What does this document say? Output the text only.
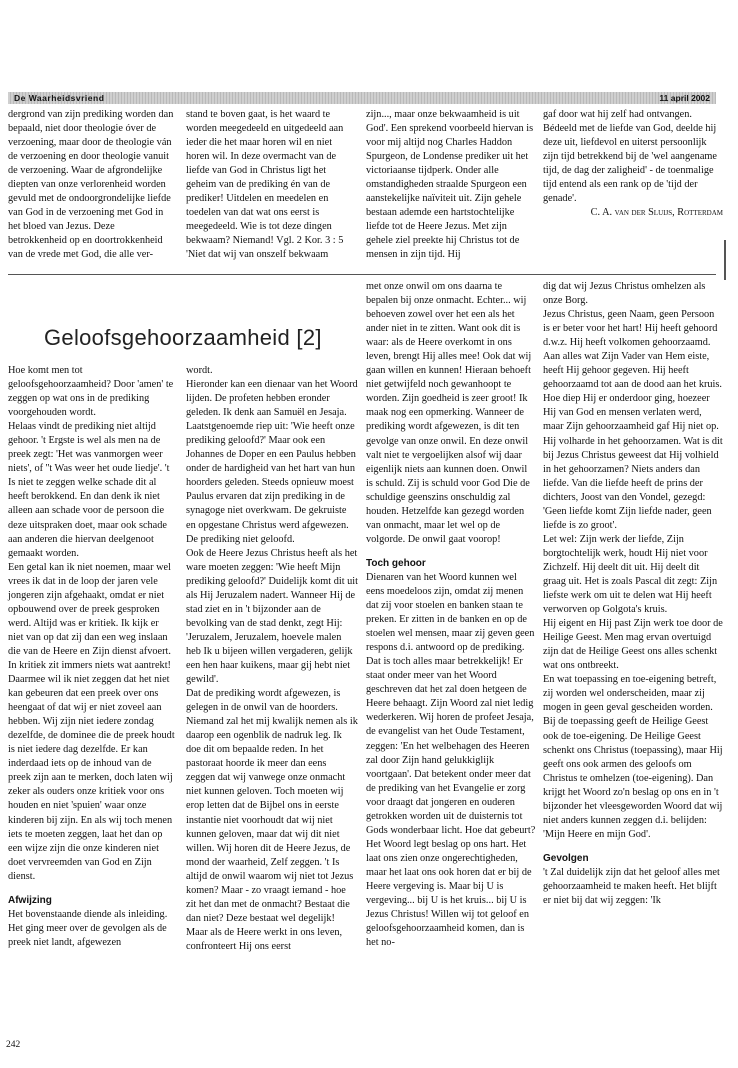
De Waarheidsvriend	11 april 2002

dergrond van zijn prediking worden dan bepaald, niet door theologie óver de verzoening, maar door de theologie ván de verzoening en door theologie vanuit de verzoening. Waar de afgrondelijke diepten van onze verlorenheid worden gevuld met de ondoorgrondelijke liefde van God in de verzoening met God in het bloed van Jezus. Deze betrokkenheid op en doortrokkenheid van de vrede met God, die alle ver-

stand te boven gaat, is het waard te worden meegedeeld en uitgedeeld aan ieder die het maar horen wil en niet horen wil. In deze overmacht van de liefde van God in Christus ligt het geheim van de prediking én van de prediker! Uitdelen en meedelen en toedelen van dat wat ons eerst is meegedeeld. Wie is tot deze dingen bekwaam? Niemand! Vgl. 2 Kor. 3 : 5 'Niet dat wij van onszelf bekwaam

zijn..., maar onze bekwaamheid is uit God'. Een sprekend voorbeeld hiervan is voor mij altijd nog Charles Haddon Spurgeon, de Londense prediker uit het victoriaanse tijdperk. Onder alle omstandigheden straalde Spurgeon een aanstekelijke naïviteit uit. Zijn gehele bestaan ademde een hartstochtelijke liefde tot de Heere Jezus. Met zijn gehele ziel preekte hij Christus tot de mensen in zijn tijd. Hij

gaf door wat hij zelf had ontvangen. Bédeeld met de liefde van God, deelde hij deze uit, liefdevol en uiterst persoonlijk zijn tijd betrekkend bij de 'wel aangename tijd, de dag der zaligheid' - de toenmalige tijd entend als een rank op de 'tijd der genade'.

C. A. van der Sluijs, Rotterdam

Geloofsgehoorzaamheid [2]

Hoe komt men tot geloofsgehoorzaamheid? Door 'amen' te zeggen op wat ons in de prediking voorgehouden wordt.

Helaas vindt de prediking niet altijd gehoor. 't Ergste is wel als men na de preek zegt: 'Het was vanmorgen weer niets', of ''t Was weer het oude liedje'. 't Is niet te zeggen welke schade dit al heeft berokkend. En dan denk ik niet alleen aan schade voor de persoon die deze uitspraken doet, maar ook schade aan anderen die hiervan deelgenoot gemaakt worden.

Een getal kan ik niet noemen, maar wel vrees ik dat in de loop der jaren vele jongeren zijn afgehaakt, omdat er niet opbouwend over de preek gesproken werd. Altijd was er kritiek. Ik kijk er niet van op dat zij dan een weg inslaan die van de Heere en Zijn dienst afvoert. In kritiek zit immers niets wat aantrekt!

Daarmee wil ik niet zeggen dat het niet kan gebeuren dat een preek over ons heengaat of dat wij er niet zoveel aan hebben. Wij zijn niet iedere zondag dezelfde, de dominee die de preek houdt is niet iedere dag dezelfde. Er kan inderdaad iets op de inhoud van de preek zijn aan te merken, doch laten wij zeker als ouders onze kritiek voor ons houden en niet 'spuien' waar onze kinderen bij zijn. En als wij toch menen iets te moeten zeggen, laat het dan op een wijze zijn die onze kinderen niet doet vervreemden van God en Zijn dienst.

Afwijzing

Het bovenstaande diende als inleiding. Het ging meer over de gevolgen als de preek niet landt, afgewezen

wordt.

Hieronder kan een dienaar van het Woord lijden. De profeten hebben eronder geleden. Ik denk aan Samuël en Jesaja. Laatstgenoemde riep uit: 'Wie heeft onze prediking geloofd?' Maar ook een Johannes de Doper en een Paulus hebben onder de hardigheid van het hart van hun hoorders geleden. Steeds opnieuw moest Paulus ervaren dat zijn prediking in de synagoge niet overkwam. De gekruiste en opgestane Christus werd afgewezen. De prediking niet geloofd.

Ook de Heere Jezus Christus heeft als het ware moeten zeggen: 'Wie heeft Mijn prediking geloofd?' Duidelijk komt dit uit als Hij Jeruzalem nadert. Wanneer Hij de stad ziet en in 't bijzonder aan de bevolking van de stad denkt, zegt Hij: 'Jeruzalem, Jeruzalem, hoevele malen heb Ik u bijeen willen vergaderen, gelijk een hen haar kuikens, maar gij hebt niet gewild'.

Dat de prediking wordt afgewezen, is gelegen in de onwil van de hoorders. Niemand zal het mij kwalijk nemen als ik daarop een ogenblik de nadruk leg. Ik doe dit om bepaalde reden. In het pastoraat hoorde ik meer dan eens zeggen dat wij vanwege onze onmacht niet kunnen geloven. Toch moeten wij erop letten dat de Bijbel ons in eerste instantie niet voorhoudt dat wij niet kunnen geloven, maar dat wij dit niet willen. Wij horen dit de Heere Jezus, de mond der waarheid, Zelf zeggen. 't Is altijd de onwil waarom wij niet tot Jezus komen? Maar - zo vraagt iemand - hoe zit het dan met de onmacht? Bestaat die dan niet? Deze bestaat wel degelijk! Maar als de Heere werkt in ons leven, confronteert Hij ons eerst

met onze onwil om ons daarna te bepalen bij onze onmacht. Echter... wij behoeven zowel over het een als het ander niet in te zitten. Want ook dit is waar: als de Heere overkomt in ons leven, brengt Hij alles mee! Ook dat wij gaan willen en kunnen! Hieraan behoeft niet getwijfeld noch gewanhoopt te worden. Zijn goedheid is zeer groot! Ik maak nog een opmerking. Wanneer de prediking wordt afgewezen, is dit ten gevolge van onze onwil. En deze onwil valt niet te vergoelijken alsof wij daar eigenlijk niets aan kunnen doen. Onwil is schuld. Zij is schuld voor God Die de schuldige geenszins onschuldig zal houden. Hetzelfde kan gezegd worden van onmacht, maar let wel op de volgorde. De onwil gaat voorop!

Toch gehoor

Dienaren van het Woord kunnen wel eens moedeloos zijn, omdat zij menen dat zij voor stoelen en banken staan te preken. Er zitten in de banken en op de stoelen wel mensen, maar zij geven geen respons d.i. antwoord op de prediking.

Dat is toch alles maar betrekkelijk! Er staat onder meer van het Woord geschreven dat het zal doen hetgeen de Heere behaagt. Zijn Woord zal niet ledig wederkeren. Wij horen de profeet Jesaja, de evangelist van het Oude Testament, zeggen: 'En het welbehagen des Heeren zal door Zijn hand gelukkiglijk voortgaan'. Dat betekent onder meer dat de prediking van het Evangelie er zorg voor draagt dat jongeren en ouderen getrokken worden uit de duisternis tot Gods wonderbaar licht. Hoe dat gebeurt? Het Woord legt beslag op ons hart. Het laat ons zien onze ongerechtigheden, maar het laat ons ook horen dat er bij de Heere vergeving is. Maar bij U is vergeving... bij U is het kruis... bij U is Jezus Christus! Willen wij tot geloof en geloofsgehoorzaamheid komen, dan is het no-

dig dat wij Jezus Christus omhelzen als onze Borg.

Jezus Christus, geen Naam, geen Persoon is er beter voor het hart! Hij heeft gehoord d.w.z. Hij heeft volkomen gehoorzaamd. Aan alles wat Zijn Vader van Hem eiste, heeft Hij gehoor gegeven. Hij heeft gehoorzaamd tot aan de dood aan het kruis. Hoe diep Hij er onderdoor ging, hoezeer Hij van God en mensen verlaten werd, maar Zijn gehoorzaamheid gaf Hij niet op. Hij volharde in het gehoorzamen. Wat is dit bij Jezus Christus geweest dat Hij volhield in het gehoorzamen? Niets anders dan liefde. Van die liefde heeft de prins der dichters, Joost van den Vondel, gezegd: 'Geen liefde komt Zijn liefde nader, geen liefde is zo groot'.

Let wel: Zijn werk der liefde, Zijn borgtochtelijk werk, houdt Hij niet voor Zichzelf. Hij deelt dit uit. Hij deelt dit graag uit. Het is zoals Pascal dit zegt: Zijn liefste werk om uit te delen wat Hij heeft verworven op Golgota's kruis.

Hij eigent en Hij past Zijn werk toe door de Heilige Geest. Men mag ervan overtuigd zijn dat de Heilige Geest ons alles schenkt wat ons ontbreekt.

En wat toepassing en toe-eigening betreft, zij worden wel onderscheiden, maar zij mogen in geen geval gescheiden worden. Bij de toepassing geeft de Heilige Geest ook de toe-eigening. De Heilige Geest schenkt ons Christus (toepassing), maar Hij geeft ons ook armen des geloofs om Christus te omhelzen (toe-eigening). Dan krijgt het Woord zo'n beslag op ons en in 't bijzonder het vleesgeworden Woord dat wij niet anders kunnen zeggen d.i. belijden: 'Mijn Heere en mijn God'.

Gevolgen

't Zal duidelijk zijn dat het geloof alles met gehoorzaamheid te maken heeft. Het blijft er niet bij dat wij zeggen: 'Ik

242
